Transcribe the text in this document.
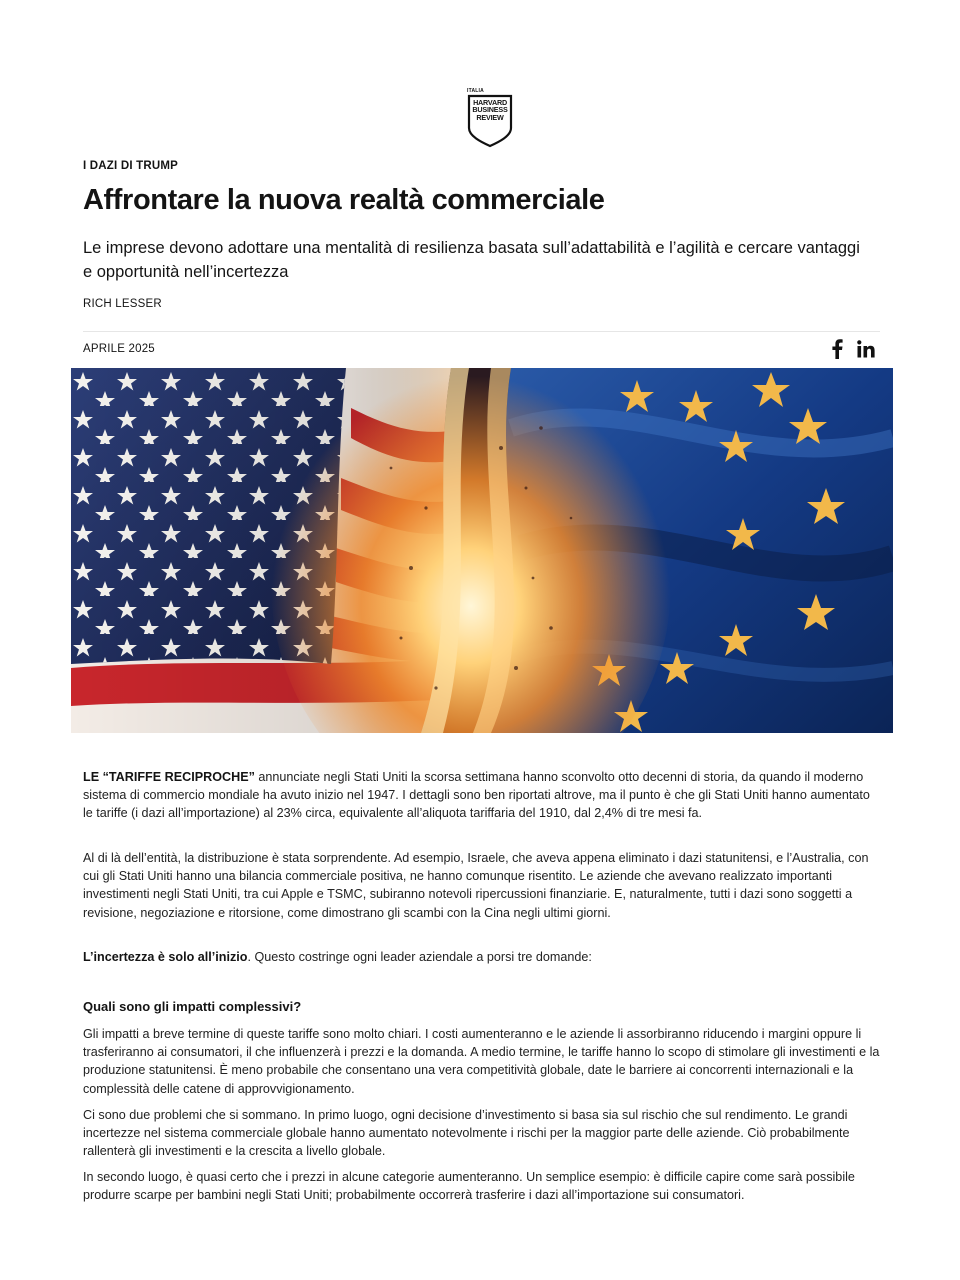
ITALIA
HARVARD
BUSINESS
REVIEW
I DAZI DI TRUMP
Affrontare la nuova realtà commerciale

Le imprese devono adottare una mentalità di resilienza basata sull’adattabilità e l’agilità e cercare vantaggi e opportunità nell’incertezza

RICH LESSER
APRILE 2025

LE “TARIFFE RECIPROCHE” annunciate negli Stati Uniti la scorsa settimana hanno sconvolto otto decenni di storia, da quando il moderno sistema di commercio mondiale ha avuto inizio nel 1947. I dettagli sono ben riportati altrove, ma il punto è che gli Stati Uniti hanno aumentato le tariffe (i dazi all’importazione) al 23% circa, equivalente all’aliquota tariffaria del 1910, dal 2,4% di tre mesi fa.

Al di là dell’entità, la distribuzione è stata sorprendente. Ad esempio, Israele, che aveva appena eliminato i dazi statunitensi, e l’Australia, con cui gli Stati Uniti hanno una bilancia commerciale positiva, ne hanno comunque risentito. Le aziende che avevano realizzato importanti investimenti negli Stati Uniti, tra cui Apple e TSMC, subiranno notevoli ripercussioni finanziarie. E, naturalmente, tutti i dazi sono soggetti a revisione, negoziazione e ritorsione, come dimostrano gli scambi con la Cina negli ultimi giorni.

L’incertezza è solo all’inizio. Questo costringe ogni leader aziendale a porsi tre domande:

Quali sono gli impatti complessivi?

Gli impatti a breve termine di queste tariffe sono molto chiari. I costi aumenteranno e le aziende li assorbiranno riducendo i margini oppure li trasferiranno ai consumatori, il che influenzerà i prezzi e la domanda. A medio termine, le tariffe hanno lo scopo di stimolare gli investimenti e la produzione statunitensi. È meno probabile che consentano una vera competitività globale, date le barriere ai concorrenti internazionali e la complessità delle catene di approvvigionamento.

Ci sono due problemi che si sommano. In primo luogo, ogni decisione d’investimento si basa sia sul rischio che sul rendimento. Le grandi incertezze nel sistema commerciale globale hanno aumentato notevolmente i rischi per la maggior parte delle aziende. Ciò probabilmente rallenterà gli investimenti e la crescita a livello globale.

In secondo luogo, è quasi certo che i prezzi in alcune categorie aumenteranno. Un semplice esempio: è difficile capire come sarà possibile produrre scarpe per bambini negli Stati Uniti; probabilmente occorrerà trasferire i dazi all’importazione sui consumatori.
